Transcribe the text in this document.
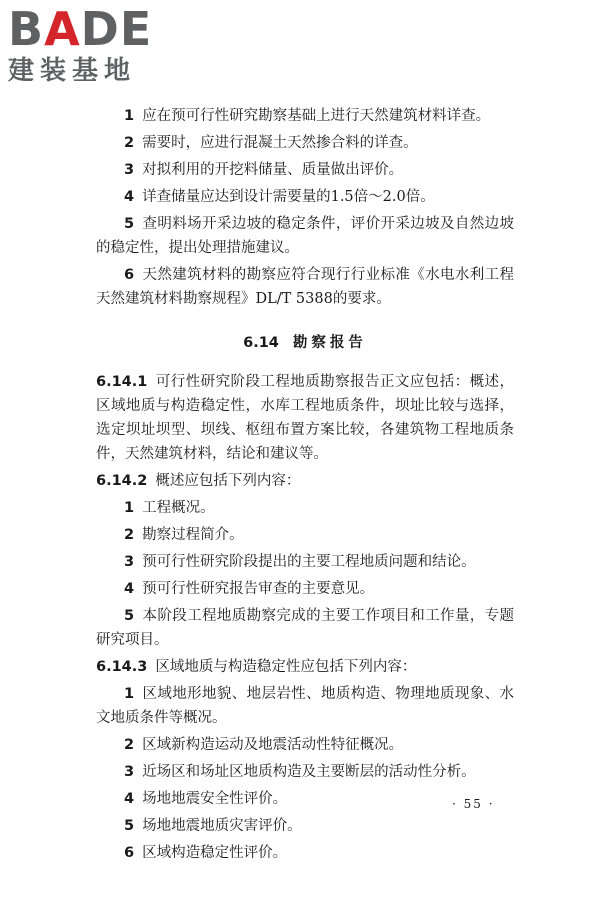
BADE
建装基地
1 应在预可行性研究勘察基础上进行天然建筑材料详查。
2 需要时，应进行混凝土天然掺合料的详查。
3 对拟利用的开挖料储量、质量做出评价。
4 详查储量应达到设计需要量的1.5倍～2.0倍。
5 查明料场开采边坡的稳定条件，评价开采边坡及自然边坡的稳定性，提出处理措施建议。
6 天然建筑材料的勘察应符合现行行业标准《水电水利工程天然建筑材料勘察规程》DL/T 5388的要求。
6.14 勘察报告
6.14.1 可行性研究阶段工程地质勘察报告正文应包括：概述，区域地质与构造稳定性，水库工程地质条件，坝址比较与选择，选定坝址坝型、坝线、枢纽布置方案比较，各建筑物工程地质条件，天然建筑材料，结论和建议等。
6.14.2 概述应包括下列内容：
1 工程概况。
2 勘察过程简介。
3 预可行性研究阶段提出的主要工程地质问题和结论。
4 预可行性研究报告审查的主要意见。
5 本阶段工程地质勘察完成的主要工作项目和工作量，专题研究项目。
6.14.3 区域地质与构造稳定性应包括下列内容：
1 区域地形地貌、地层岩性、地质构造、物理地质现象、水文地质条件等概况。
2 区域新构造运动及地震活动性特征概况。
3 近场区和场址区地质构造及主要断层的活动性分析。
4 场地地震安全性评价。
5 场地地震地质灾害评价。
6 区域构造稳定性评价。
· 55 ·
